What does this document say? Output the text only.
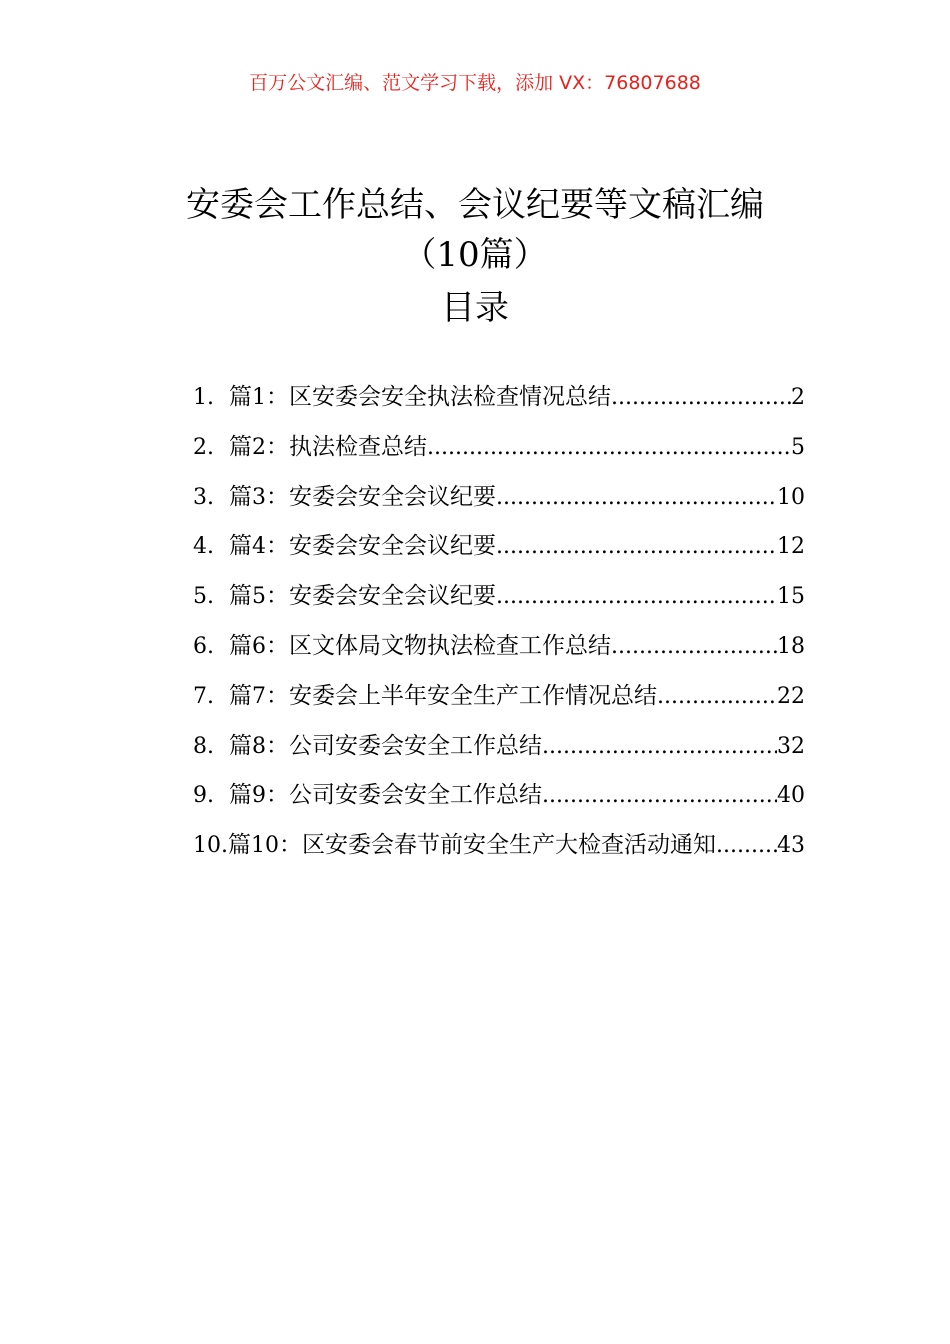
百万公文汇编、范文学习下载，添加 VX：76807688
安委会工作总结、会议纪要等文稿汇编
（10篇）
目录
1. 篇1：区安委会安全执法检查情况总结 .....	2
2. 篇2：执法检查总结 .....	5
3. 篇3：安委会安全会议纪要 .....	10
4. 篇4：安委会安全会议纪要 .....	12
5. 篇5：安委会安全会议纪要 .....	15
6. 篇6：区文体局文物执法检查工作总结 .....	18
7. 篇7：安委会上半年安全生产工作情况总结 .....	22
8. 篇8：公司安委会安全工作总结 .....	32
9. 篇9：公司安委会安全工作总结 .....	40
10. 篇10：区安委会春节前安全生产大检查活动通知 .....	43
